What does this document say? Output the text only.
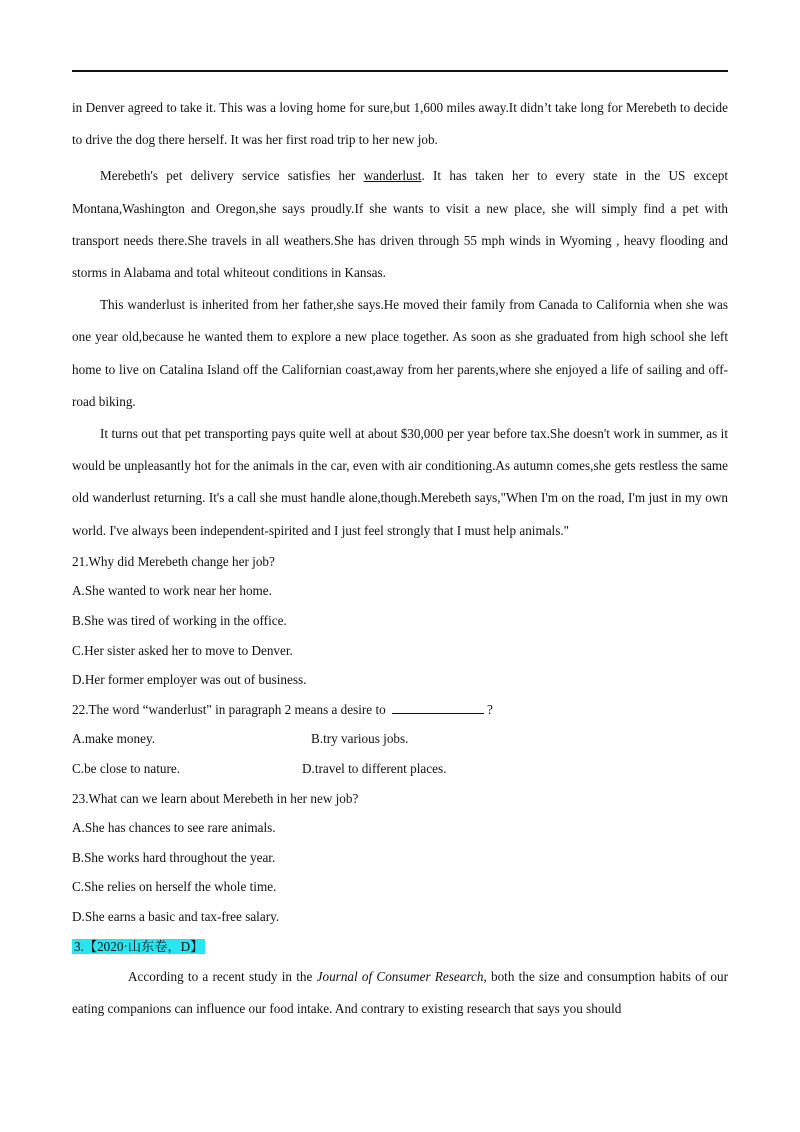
in Denver agreed to take it. This was a loving home for sure,but 1,600 miles away.It didn’t take long for Merebeth to decide to drive the dog there herself. It was her first road trip to her new job.

Merebeth's pet delivery service satisfies her wanderlust. It has taken her to every state in the US except Montana,Washington and Oregon,she says proudly.If she wants to visit a new place, she will simply find a pet with transport needs there.She travels in all weathers.She has driven through 55 mph winds in Wyoming , heavy flooding and storms in Alabama and total whiteout conditions in Kansas.

This wanderlust is inherited from her father,she says.He moved their family from Canada to California when she was one year old,because he wanted them to explore a new place together. As soon as she graduated from high school she left home to live on Catalina Island off the Californian coast,away from her parents,where she enjoyed a life of sailing and off-road biking.

It turns out that pet transporting pays quite well at about $30,000 per year before tax.She doesn't work in summer, as it would be unpleasantly hot for the animals in the car, even with air conditioning.As autumn comes,she gets restless the same old wanderlust returning. It's a call she must handle alone,though.Merebeth says,"When I'm on the road, I'm just in my own world. I've always been independent-spirited and I just feel strongly that I must help animals."

21.Why did Merebeth change her job?
A.She wanted to work near her home.
B.She was tired of working in the office.
C.Her sister asked her to move to Denver.
D.Her former employer was out of business.
22.The word “wanderlust" in paragraph 2 means a desire to	?
A.make money.	B.try various jobs.
C.be close to nature.	D.travel to different places.
23.What can we learn about Merebeth in her new job?
A.She has chances to see rare animals.
B.She works hard throughout the year.
C.She relies on herself the whole time.
D.She earns a basic and tax-free salary.
3.【2020·山东卷，D】

According to a recent study in the Journal of Consumer Research, both the size and consumption habits of our eating companions can influence our food intake. And contrary to existing research that says you should
